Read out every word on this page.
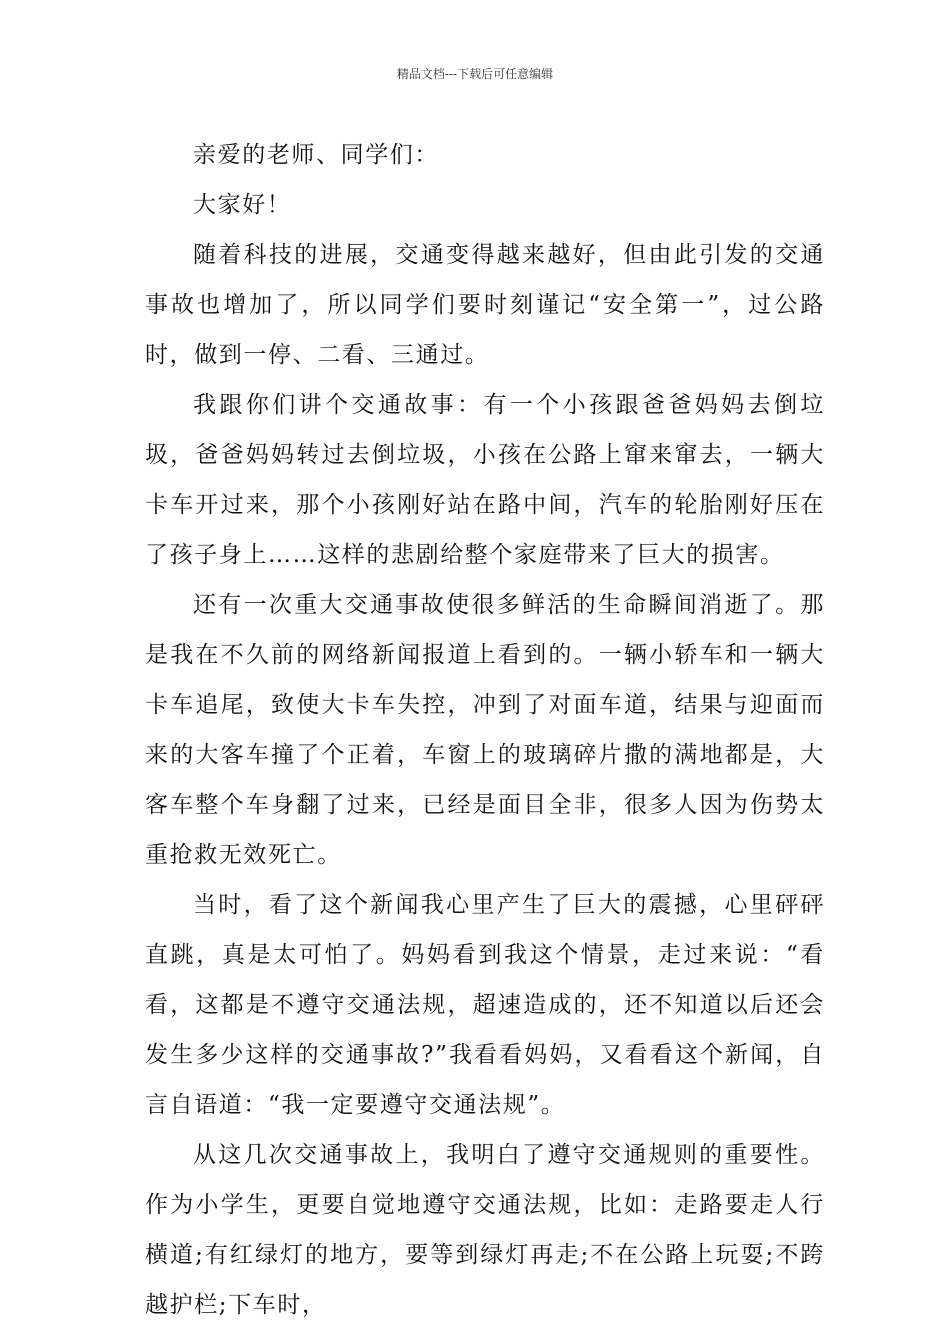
精品文档---下载后可任意编辑

亲爱的老师、同学们：

大家好！

随着科技的进展，交通变得越来越好，但由此引发的交通事故也增加了，所以同学们要时刻谨记“安全第一”，过公路时，做到一停、二看、三通过。

我跟你们讲个交通故事：有一个小孩跟爸爸妈妈去倒垃圾，爸爸妈妈转过去倒垃圾，小孩在公路上窜来窜去，一辆大卡车开过来，那个小孩刚好站在路中间，汽车的轮胎刚好压在了孩子身上……这样的悲剧给整个家庭带来了巨大的损害。

还有一次重大交通事故使很多鲜活的生命瞬间消逝了。那是我在不久前的网络新闻报道上看到的。一辆小轿车和一辆大卡车追尾，致使大卡车失控，冲到了对面车道，结果与迎面而来的大客车撞了个正着，车窗上的玻璃碎片撒的满地都是，大客车整个车身翻了过来，已经是面目全非，很多人因为伤势太重抢救无效死亡。

当时，看了这个新闻我心里产生了巨大的震撼，心里砰砰直跳，真是太可怕了。妈妈看到我这个情景，走过来说：“看看，这都是不遵守交通法规，超速造成的，还不知道以后还会发生多少这样的交通事故?”我看看妈妈，又看看这个新闻，自言自语道：“我一定要遵守交通法规”。

从这几次交通事故上，我明白了遵守交通规则的重要性。作为小学生，更要自觉地遵守交通法规，比如：走路要走人行横道;有红绿灯的地方，要等到绿灯再走;不在公路上玩耍;不跨越护栏;下车时，
